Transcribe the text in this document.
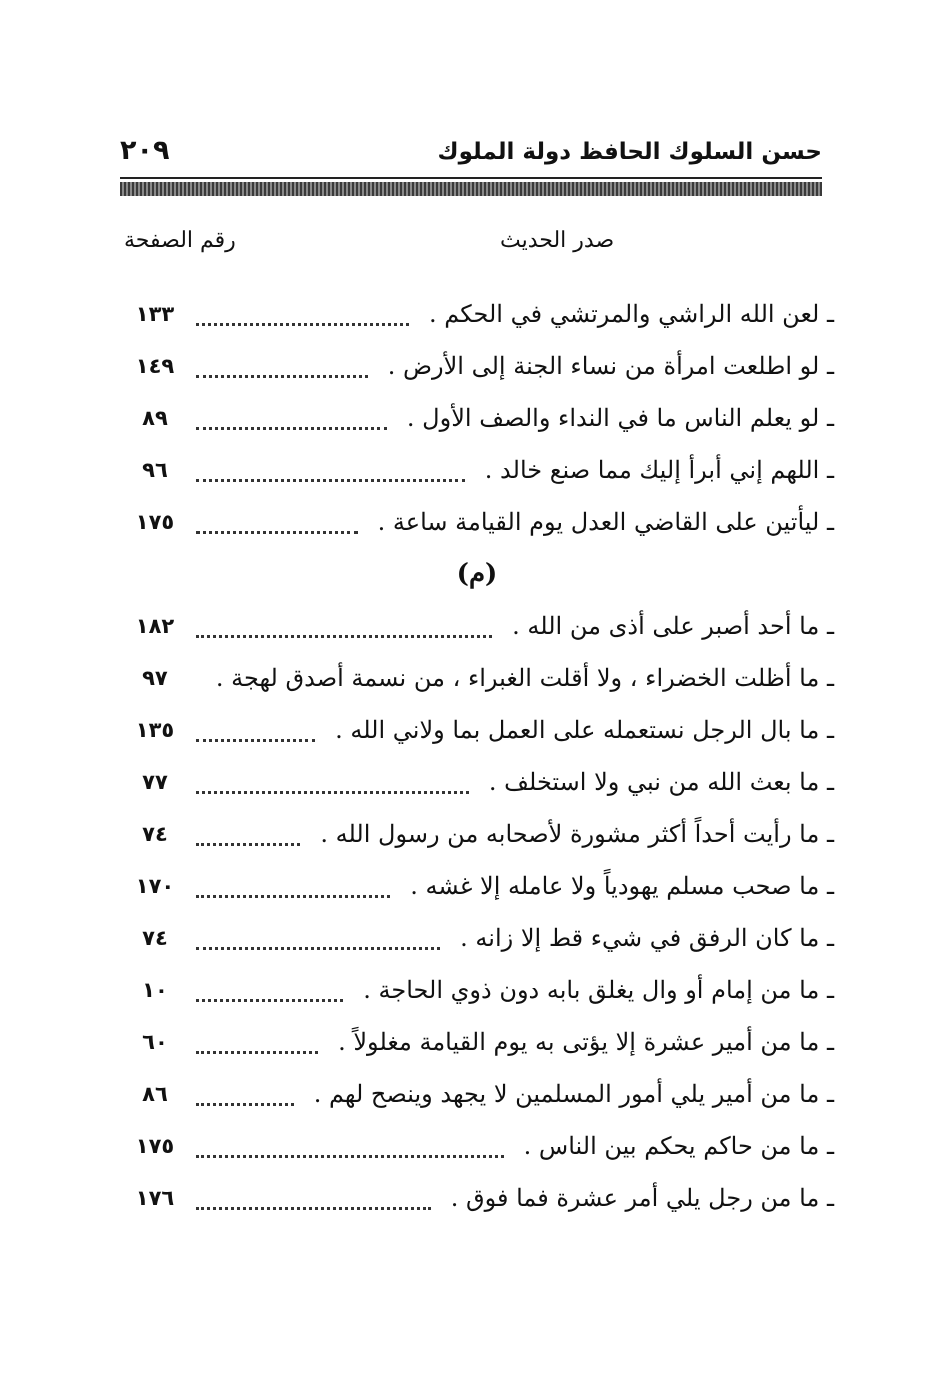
حسن السلوك الحافظ دولة الملوك
٢٠٩
صدر الحديث
رقم الصفحة
ـ لعن الله الراشي والمرتشي في الحكم .
١٣٣
ـ لو اطلعت امرأة من نساء الجنة إلى الأرض .
١٤٩
ـ لو يعلم الناس ما في النداء والصف الأول .
٨٩
ـ اللهم إني أبرأ إليك مما صنع خالد .
٩٦
ـ ليأتين على القاضي العدل يوم القيامة ساعة .
١٧٥
(م)
ـ ما أحد أصبر على أذى من الله .
١٨٢
ـ ما أظلت الخضراء ، ولا أقلت الغبراء ، من نسمة أصدق لهجة .
٩٧
ـ ما بال الرجل نستعمله على العمل بما ولاني الله .
١٣٥
ـ ما بعث الله من نبي ولا استخلف .
٧٧
ـ ما رأيت أحداً أكثر مشورة لأصحابه من رسول الله .
٧٤
ـ ما صحب مسلم يهودياً ولا عامله إلا غشه .
١٧٠
ـ ما كان الرفق في شيء قط إلا زانه .
٧٤
ـ ما من إمام أو وال يغلق بابه دون ذوي الحاجة .
١٠
ـ ما من أمير عشرة إلا يؤتى به يوم القيامة مغلولاً .
٦٠
ـ ما من أمير يلي أمور المسلمين لا يجهد وينصح لهم .
٨٦
ـ ما من حاكم يحكم بين الناس .
١٧٥
ـ ما من رجل يلي أمر عشرة فما فوق .
١٧٦
